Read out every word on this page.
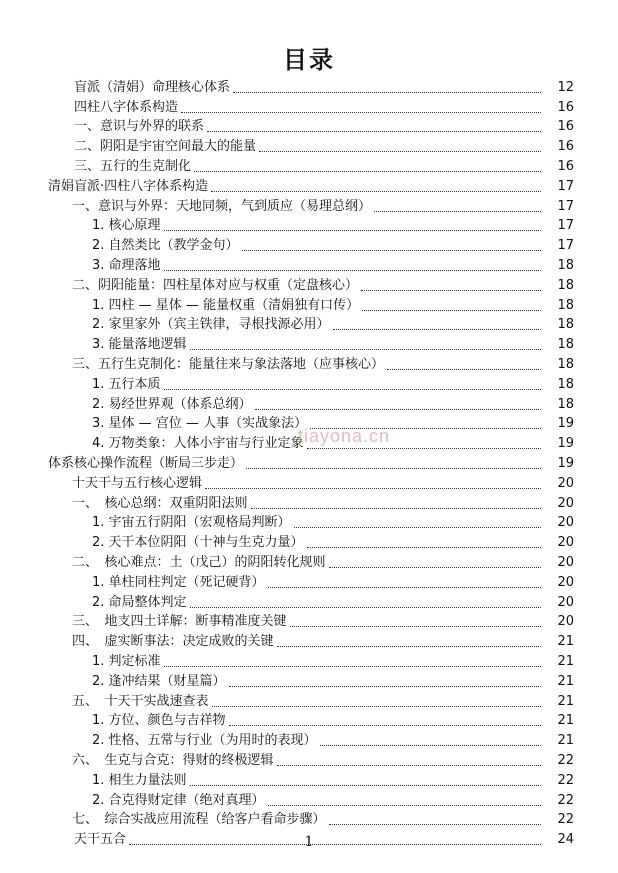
目录
盲派（清娟）命理核心体系	12
四柱八字体系构造	16
一、意识与外界的联系	16
二、阴阳是宇宙空间最大的能量	16
三、五行的生克制化	16
清娟盲派·四柱八字体系构造	17
一、意识与外界：天地同频，气到质应（易理总纲）	17
1. 核心原理	17
2. 自然类比（教学金句）	17
3. 命理落地	18
二、阴阳能量：四柱星体对应与权重（定盘核心）	18
1. 四柱 — 星体 — 能量权重（清娟独有口传）	18
2. 家里家外（宾主铁律，寻根找源必用）	18
3. 能量落地逻辑	18
三、五行生克制化：能量往来与象法落地（应事核心）	18
1. 五行本质	18
2. 易经世界观（体系总纲）	18
3. 星体 — 宫位 — 人事（实战象法）	19
4. 万物类象：人体小宇宙与行业定象	19
体系核心操作流程（断局三步走）	19
十天干与五行核心逻辑	20
一、　核心总纲：双重阴阳法则	20
1. 宇宙五行阴阳（宏观格局判断）	20
2. 天干本位阴阳（十神与生克力量）	20
二、　核心难点：土（戊己）的阴阳转化规则	20
1. 单柱同柱判定（死记硬背）	20
2. 命局整体判定	20
三、　地支四土详解：断事精准度关键	20
四、　虚实断事法：决定成败的关键	21
1. 判定标准	21
2. 逢冲结果（财星篇）	21
五、　十天干实战速查表	21
1. 方位、颜色与吉祥物	21
2. 性格、五常与行业（为用时的表现）	21
六、　生克与合克：得财的终极逻辑	22
1. 相生力量法则	22
2. 合克得财定律（绝对真理）	22
七、　综合实战应用流程（给客户看命步骤）	22
天干五合	24
tiayona.cn
1
